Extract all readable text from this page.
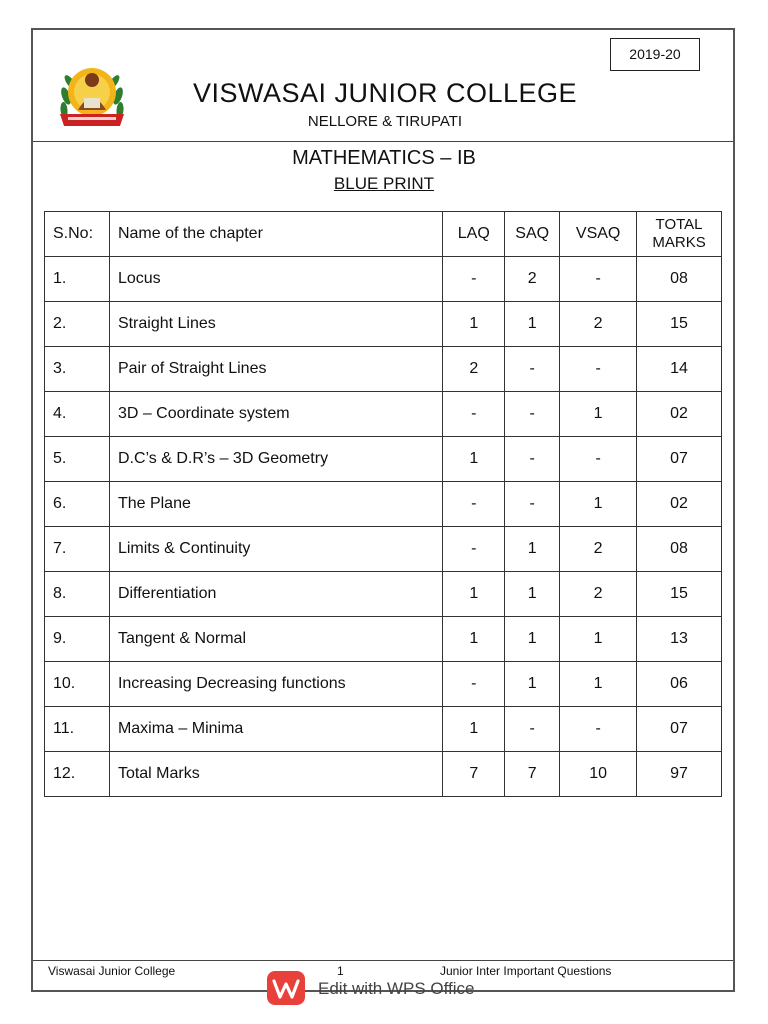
2019-20
VISWASAI JUNIOR COLLEGE
NELLORE & TIRUPATI
MATHEMATICS – IB
BLUE PRINT
S.No:	Name of the chapter	LAQ	SAQ	VSAQ	TOTAL MARKS
1.	Locus	-	2	-	08
2.	Straight Lines	1	1	2	15
3.	Pair of Straight Lines	2	-	-	14
4.	3D – Coordinate system	-	-	1	02
5.	D.C’s & D.R’s – 3D Geometry	1	-	-	07
6.	The Plane	-	-	1	02
7.	Limits & Continuity	-	1	2	08
8.	Differentiation	1	1	2	15
9.	Tangent & Normal	1	1	1	13
10.	Increasing Decreasing functions	-	1	1	06
11.	Maxima – Minima	1	-	-	07
12.	Total Marks	7	7	10	97
Viswasai Junior College	1	Junior Inter Important Questions
Edit with WPS Office
